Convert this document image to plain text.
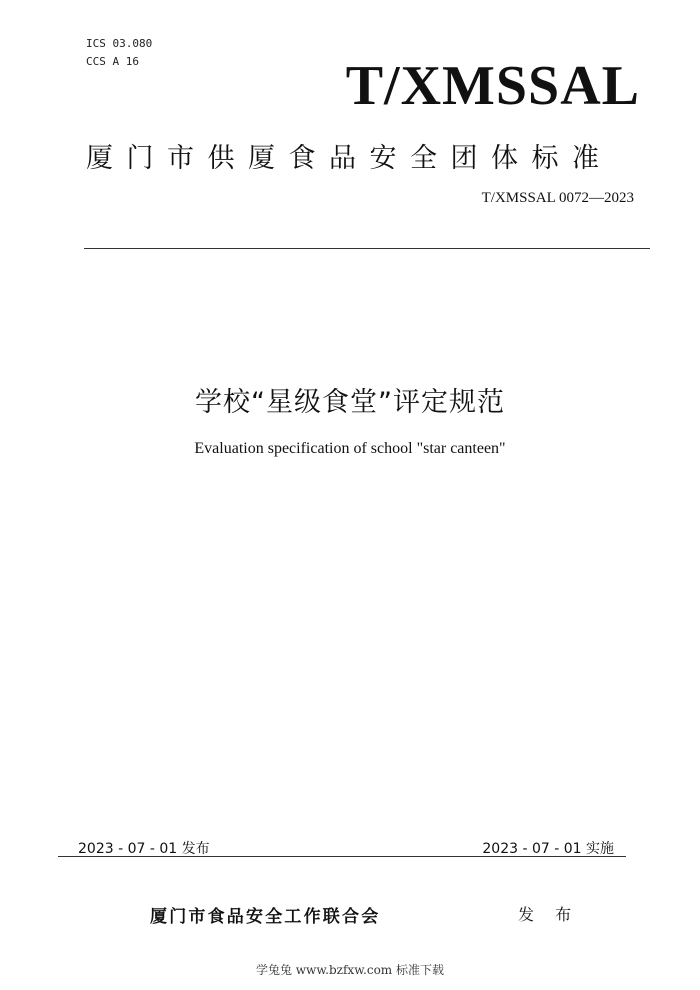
ICS 03.080
CCS A 16	T/XMSSAL
厦门市供厦食品安全团体标准
T/XMSSAL 0072—2023
学校“星级食堂”评定规范
Evaluation specification of school "star canteen"
2023 - 07 - 01 发布	2023 - 07 - 01 实施
厦门市食品安全工作联合会	发 布
学兔兔 www.bzfxw.com 标准下载
